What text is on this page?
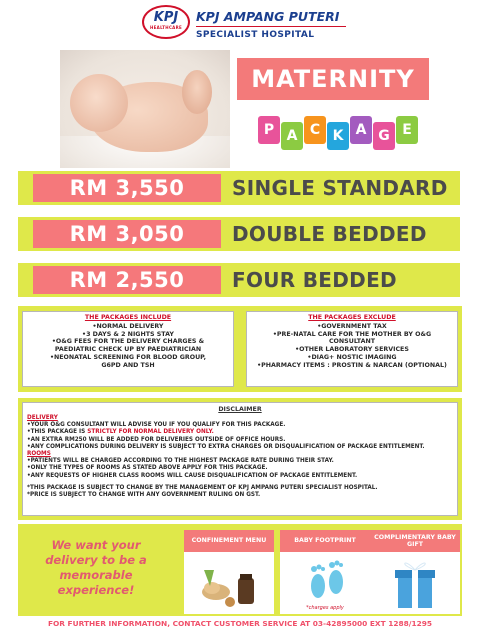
KPJ
HEALTHCARE
KPJ AMPANG PUTERI
SPECIALIST HOSPITAL
MATERNITY
P A C K A G E
RM 3,550 SINGLE STANDARD
RM 3,050 DOUBLE BEDDED
RM 2,550 FOUR BEDDED
THE PACKAGES INCLUDE
•NORMAL DELIVERY
•3 DAYS & 2 NIGHTS STAY
•O&G FEES FOR THE DELIVERY CHARGES &
PAEDIATRIC CHECK UP BY PAEDIATRICIAN
•NEONATAL SCREENING FOR BLOOD GROUP,
G6PD AND TSH
THE PACKAGES EXCLUDE
•GOVERNMENT TAX
•PRE-NATAL CARE FOR THE MOTHER BY O&G
CONSULTANT
•OTHER LABORATORY SERVICES
•DIAG+ NOSTIC IMAGING
•PHARMACY ITEMS : PROSTIN & NARCAN (OPTIONAL)
DISCLAIMER
DELIVERY
•YOUR O&G CONSULTANT WILL ADVISE YOU IF YOU QUALIFY FOR THIS PACKAGE.
•THIS PACKAGE IS STRICTLY FOR NORMAL DELIVERY ONLY.
•AN EXTRA RM250 WILL BE ADDED FOR DELIVERIES OUTSIDE OF OFFICE HOURS.
•ANY COMPLICATIONS DURING DELIVERY IS SUBJECT TO EXTRA CHARGES OR DISQUALIFICATION OF PACKAGE ENTITLEMENT.
ROOMS
•PATIENTS WILL BE CHARGED ACCORDING TO THE HIGHEST PACKAGE RATE DURING THEIR STAY.
•ONLY THE TYPES OF ROOMS AS STATED ABOVE APPLY FOR THIS PACKAGE.
•ANY REQUESTS OF HIGHER CLASS ROOMS WILL CAUSE DISQUALIFICATION OF PACKAGE ENTITLEMENT.
*THIS PACKAGE IS SUBJECT TO CHANGE BY THE MANAGEMENT OF KPJ AMPANG PUTERI SPECIALIST HOSPITAL.
*PRICE IS SUBJECT TO CHANGE WITH ANY GOVERNMENT RULING ON GST.
We want your delivery to be a memorable experience!
CONFINEMENT MENU	BABY FOOTPRINT
*charges apply
COMPLIMENTARY BABY GIFT
FOR FURTHER INFORMATION, CONTACT CUSTOMER SERVICE AT 03-42895000 EXT 1288/1295
